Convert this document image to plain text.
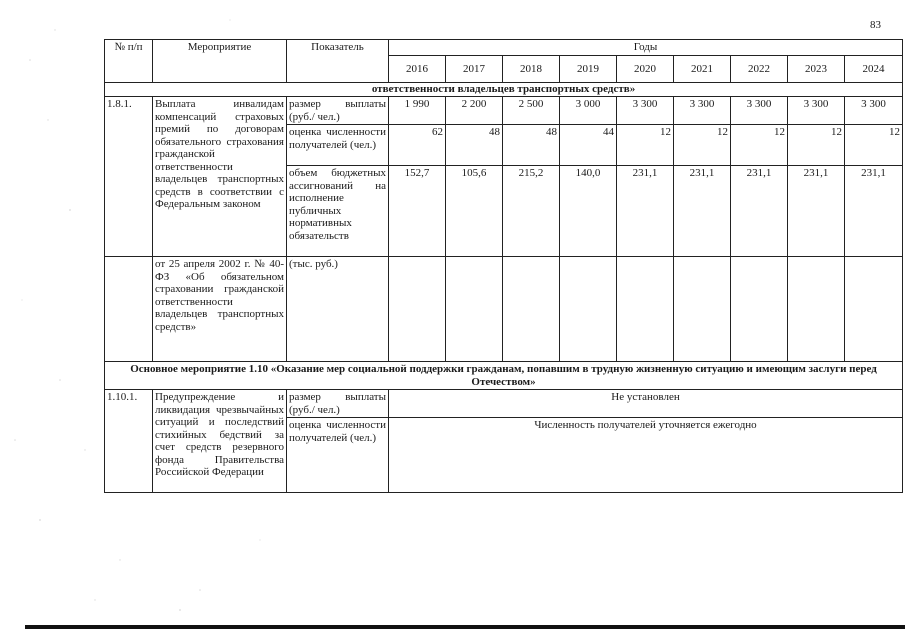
83
№ п/п	Мероприятие	Показатель	Годы								
			2016	2017	2018	2019	2020	2021	2022	2023	2024
ответственности владельцев транспортных средств»											
1.8.1.	Выплата инвалидам компенсаций страховых премий по договорам обязательного страхования гражданской ответственности владельцев транспортных средств в соответствии с Федеральным законом	размер выплаты (руб./ чел.)	1 990	2 200	2 500	3 000	3 300	3 300	3 300	3 300	3 300
		оценка численности получателей (чел.)	62	48	48	44	12	12	12	12	12
		объем бюджетных ассигнований на исполнение публичных нормативных обязательств	152,7	105,6	215,2	140,0	231,1	231,1	231,1	231,1	231,1
	от 25 апреля 2002 г. № 40-ФЗ «Об обязательном страховании гражданской ответственности владельцев транспортных средств»	(тыс. руб.)									
Основное мероприятие 1.10 «Оказание мер социальной поддержки гражданам, попавшим в трудную жизненную ситуацию и имеющим заслуги перед Отечеством»											
1.10.1.	Предупреждение и ликвидация чрезвычайных ситуаций и последствий стихийных бедствий за счет средств резервного фонда Правительства Российской Федерации	размер выплаты (руб./ чел.)	Не установлен								
		оценка численности получателей (чел.)	Численность получателей уточняется ежегодно								
